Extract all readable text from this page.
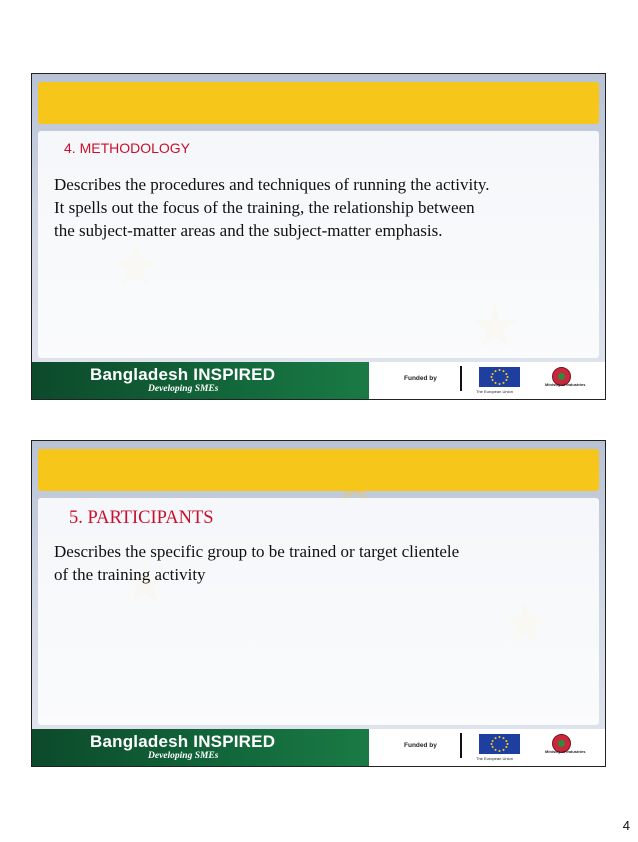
4. METHODOLOGY
Describes the procedures and techniques of running the activity.
It spells out the focus of the training, the relationship between
the subject-matter areas and the subject-matter emphasis.
Bangladesh INSPIRED
Developing SMEs
Funded by
The European Union
Ministry of Industries
5. PARTICIPANTS
Describes the specific group to be trained or target clientele
of the training activity
Bangladesh INSPIRED
Developing SMEs
Funded by
The European Union
Ministry of Industries
4
